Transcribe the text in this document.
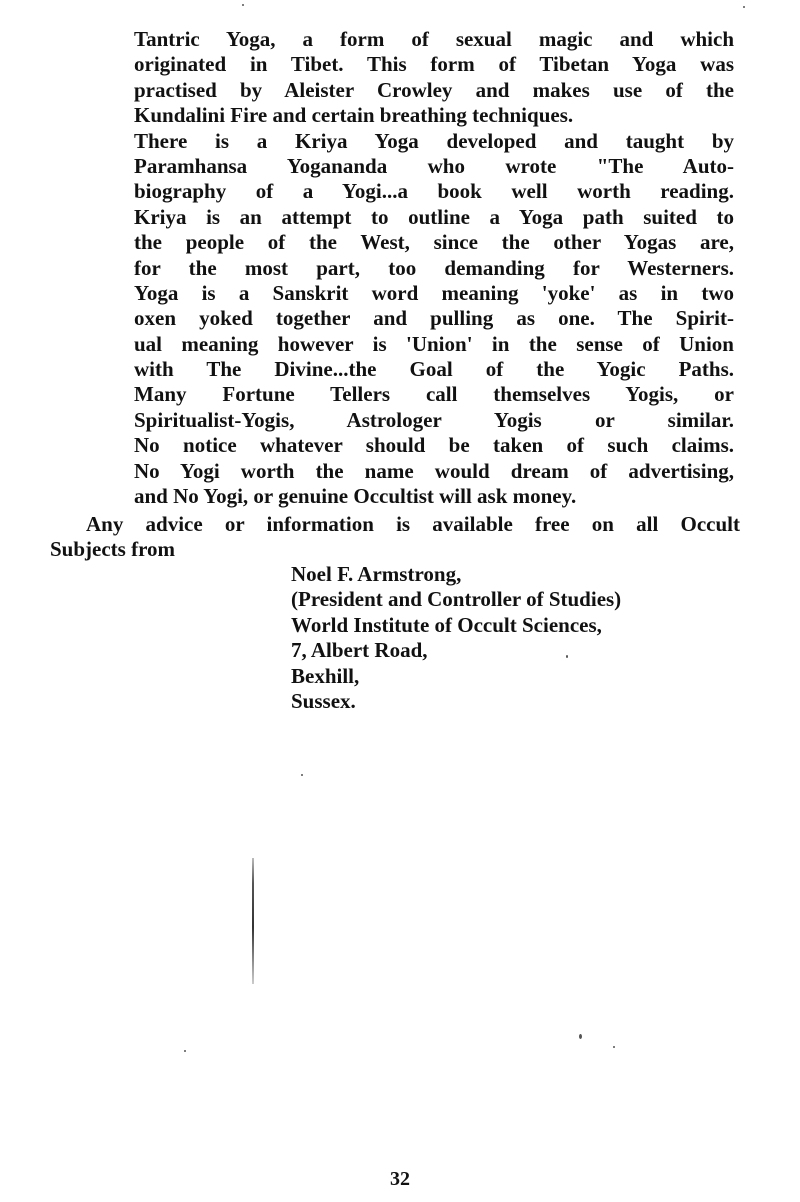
Tantric Yoga, a form of sexual magic and which
originated in Tibet. This form of Tibetan Yoga was
practised by Aleister Crowley and makes use of the
Kundalini Fire and certain breathing techniques.
There is a Kriya Yoga developed and taught by
Paramhansa Yogananda who wrote "The Auto-
biography of a Yogi...a book well worth reading.
Kriya is an attempt to outline a Yoga path suited to
the people of the West, since the other Yogas are,
for the most part, too demanding for Westerners.
Yoga is a Sanskrit word meaning 'yoke' as in two
oxen yoked together and pulling as one. The Spirit-
ual meaning however is 'Union' in the sense of Union
with The Divine...the Goal of the Yogic Paths.
Many Fortune Tellers call themselves Yogis, or
Spiritualist-Yogis, Astrologer Yogis or similar.
No notice whatever should be taken of such claims.
No Yogi worth the name would dream of advertising,
and No Yogi, or genuine Occultist will ask money.
Any advice or information is available free on all Occult
Subjects from
Noel F. Armstrong,
(President and Controller of Studies)
World Institute of Occult Sciences,
7, Albert Road,
Bexhill,
Sussex.
32
